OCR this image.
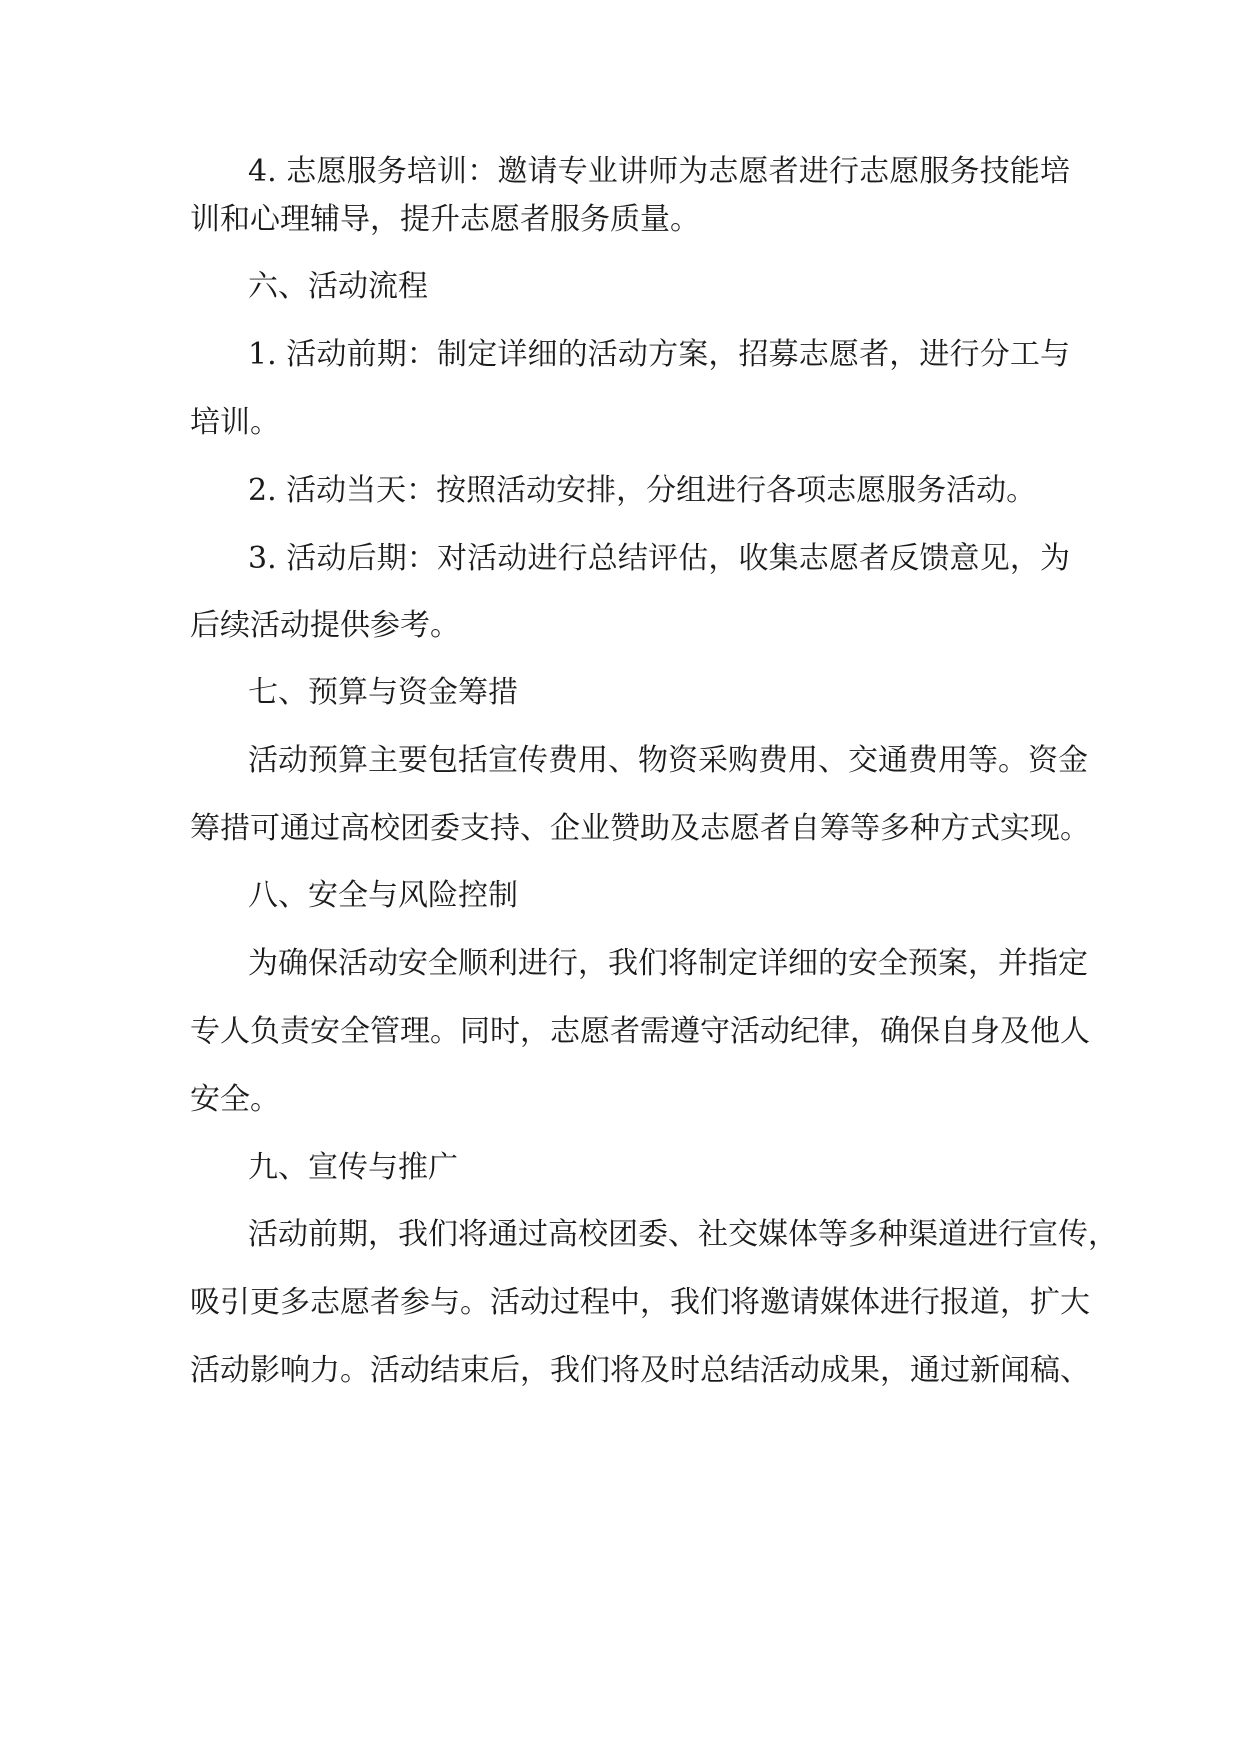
4. 志愿服务培训：邀请专业讲师为志愿者进行志愿服务技能培
训和心理辅导，提升志愿者服务质量。
六、活动流程
1. 活动前期：制定详细的活动方案，招募志愿者，进行分工与
培训。
2. 活动当天：按照活动安排，分组进行各项志愿服务活动。
3. 活动后期：对活动进行总结评估，收集志愿者反馈意见，为
后续活动提供参考。
七、预算与资金筹措
活动预算主要包括宣传费用、物资采购费用、交通费用等。资金
筹措可通过高校团委支持、企业赞助及志愿者自筹等多种方式实现。
八、安全与风险控制
为确保活动安全顺利进行，我们将制定详细的安全预案，并指定
专人负责安全管理。同时，志愿者需遵守活动纪律，确保自身及他人
安全。
九、宣传与推广
活动前期，我们将通过高校团委、社交媒体等多种渠道进行宣传，
吸引更多志愿者参与。活动过程中，我们将邀请媒体进行报道，扩大
活动影响力。活动结束后，我们将及时总结活动成果，通过新闻稿、
